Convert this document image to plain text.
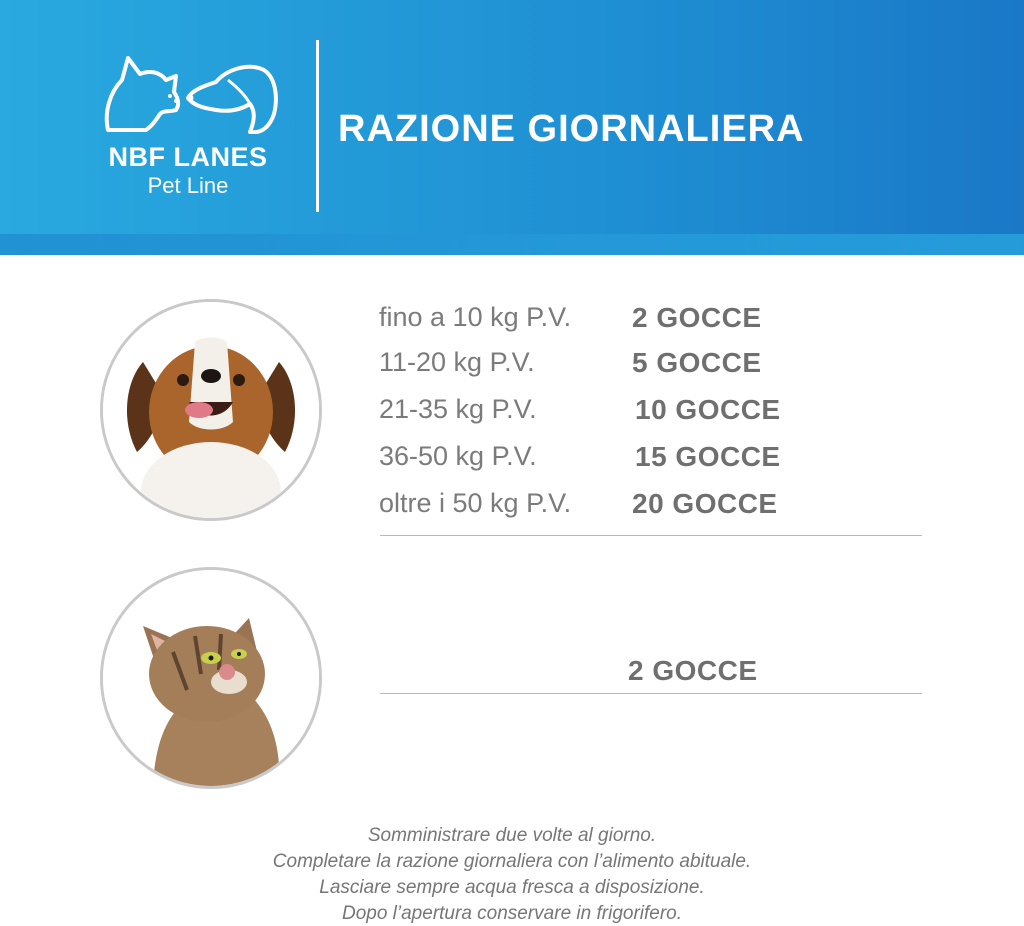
NBF LANES
Pet Line
RAZIONE GIORNALIERA
fino a 10 kg P.V. 2 GOCCE
11-20 kg P.V.	5 GOCCE
21-35 kg P.V.	10 GOCCE
36-50 kg P.V.	15 GOCCE
oltre i 50 kg P.V. 20 GOCCE
2 GOCCE
Somministrare due volte al giorno.
Completare la razione giornaliera con l’alimento abituale.
Lasciare sempre acqua fresca a disposizione.
Dopo l’apertura conservare in frigorifero.
